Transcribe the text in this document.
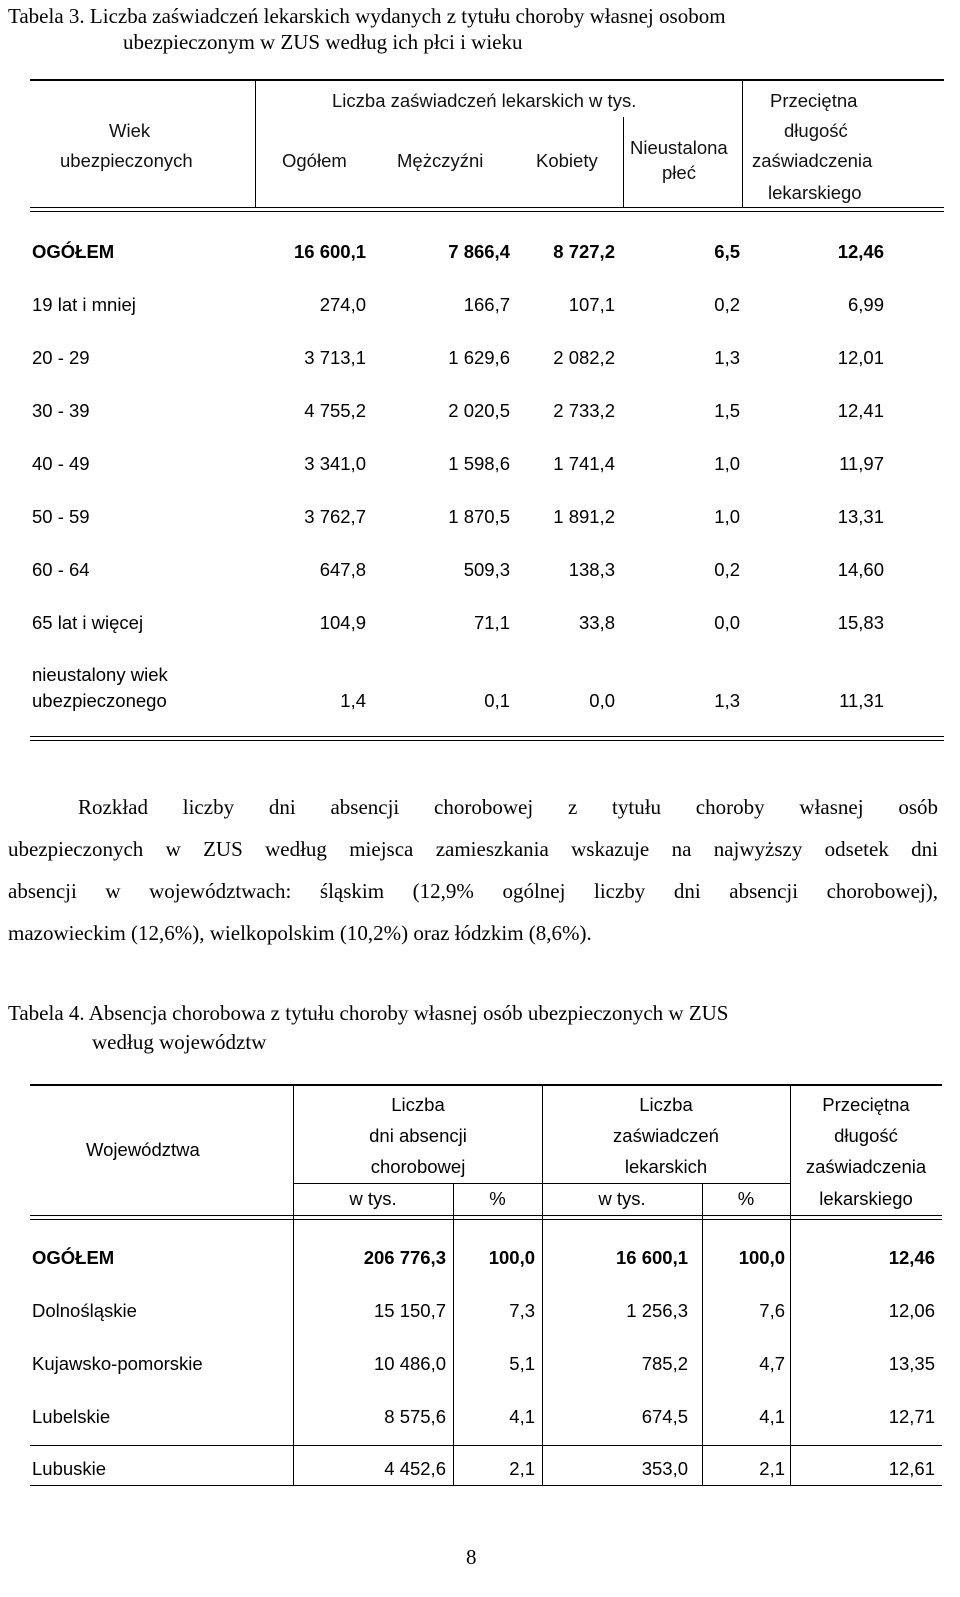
Tabela 3. Liczba zaświadczeń lekarskich wydanych z tytułu choroby własnej osobom
ubezpieczonym w ZUS według ich płci i wieku
Wiek
ubezpieczonych
Liczba zaświadczeń lekarskich w tys.
Ogółem	Mężczyźni	Kobiety
Nieustalona
płeć
Przeciętna
długość
zaświadczenia
lekarskiego
OGÓŁEM	16 600,1	7 866,4	8 727,2	6,5	12,46
19 lat i mniej	274,0	166,7	107,1	0,2	6,99
20 - 29	3 713,1	1 629,6	2 082,2	1,3	12,01
30 - 39	4 755,2	2 020,5	2 733,2	1,5	12,41
40 - 49	3 341,0	1 598,6	1 741,4	1,0	11,97
50 - 59	3 762,7	1 870,5	1 891,2	1,0	13,31
60 - 64	647,8	509,3	138,3	0,2	14,60
65 lat i więcej	104,9	71,1	33,8	0,0	15,83
nieustalony wiek
ubezpieczonego	1,4	0,1	0,0	1,3	11,31
Rozkład liczby dni absencji chorobowej z tytułu choroby własnej osób
ubezpieczonych w ZUS według miejsca zamieszkania wskazuje na najwyższy odsetek dni
absencji w województwach: śląskim (12,9% ogólnej liczby dni absencji chorobowej),
mazowieckim (12,6%), wielkopolskim (10,2%) oraz łódzkim (8,6%).
Tabela 4. Absencja chorobowa z tytułu choroby własnej osób ubezpieczonych w ZUS
według województw
Województwa
Liczba
dni absencji
chorobowej
Liczba
zaświadczeń
lekarskich
Przeciętna
długość
zaświadczenia
lekarskiego
w tys.	%	w tys.	%
OGÓŁEM	206 776,3	100,0	16 600,1	100,0	12,46
Dolnośląskie	15 150,7	7,3	1 256,3	7,6	12,06
Kujawsko-pomorskie	10 486,0	5,1	785,2	4,7	13,35
Lubelskie	8 575,6	4,1	674,5	4,1	12,71
Lubuskie	4 452,6	2,1	353,0	2,1	12,61
8
